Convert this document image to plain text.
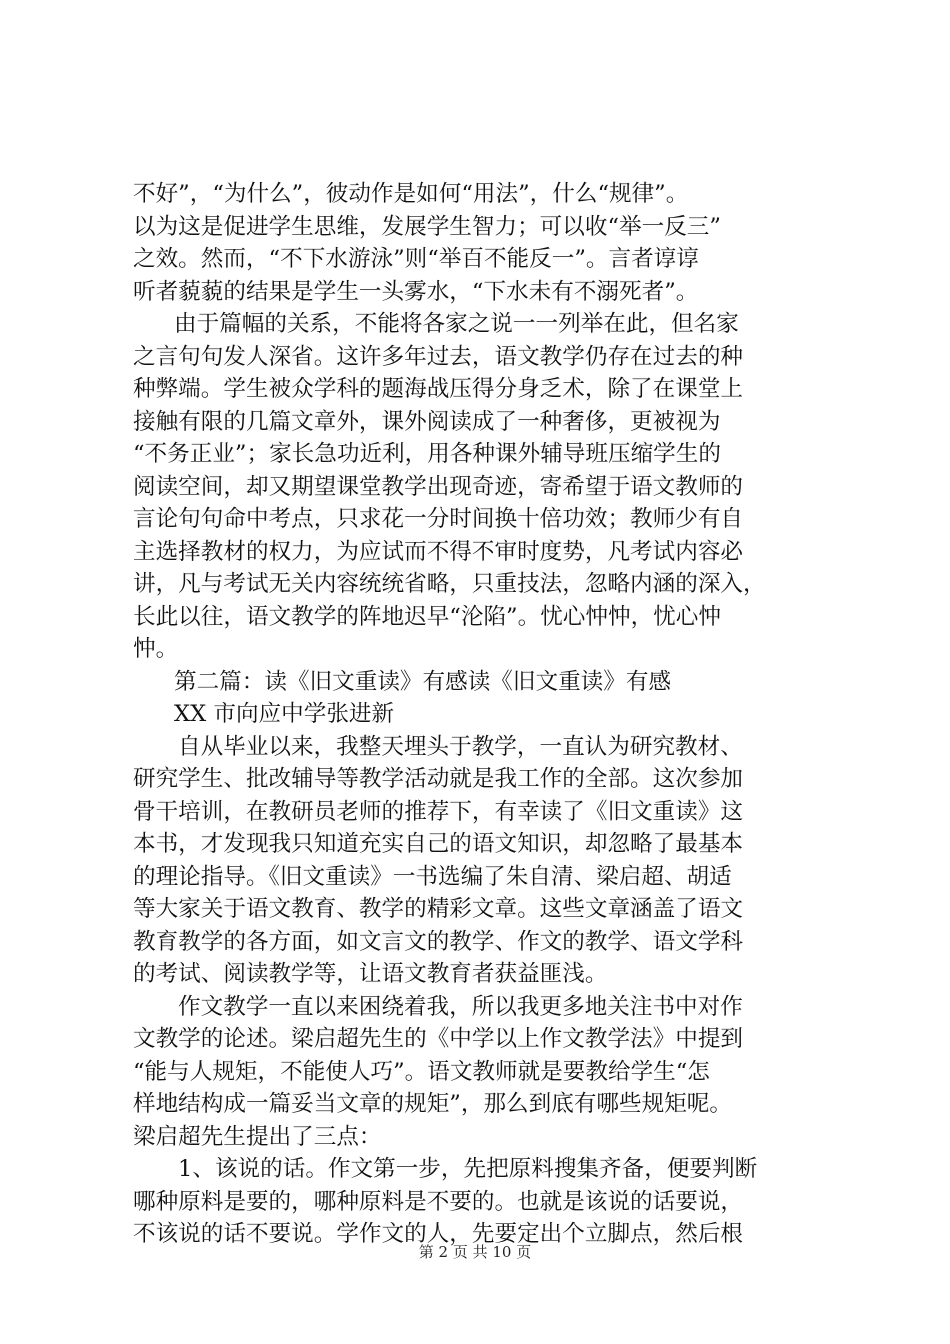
不好”，“为什么”，彼动作是如何“用法”，什么“规律”。
以为这是促进学生思维，发展学生智力；可以收“举一反三”
之效。然而，“不下水游泳”则“举百不能反一”。言者谆谆
听者藐藐的结果是学生一头雾水，“下水未有不溺死者”。
由于篇幅的关系，不能将各家之说一一列举在此，但名家
之言句句发人深省。这许多年过去，语文教学仍存在过去的种
种弊端。学生被众学科的题海战压得分身乏术，除了在课堂上
接触有限的几篇文章外，课外阅读成了一种奢侈，更被视为
“不务正业”；家长急功近利，用各种课外辅导班压缩学生的
阅读空间，却又期望课堂教学出现奇迹，寄希望于语文教师的
言论句句命中考点，只求花一分时间换十倍功效；教师少有自
主选择教材的权力，为应试而不得不审时度势，凡考试内容必
讲，凡与考试无关内容统统省略，只重技法，忽略内涵的深入，
长此以往，语文教学的阵地迟早“沦陷”。忧心忡忡，忧心忡
忡。
第二篇：读《旧文重读》有感读《旧文重读》有感
XX 市向应中学张进新
自从毕业以来，我整天埋头于教学，一直认为研究教材、
研究学生、批改辅导等教学活动就是我工作的全部。这次参加
骨干培训，在教研员老师的推荐下，有幸读了《旧文重读》这
本书，才发现我只知道充实自己的语文知识，却忽略了最基本
的理论指导。《旧文重读》一书选编了朱自清、梁启超、胡适
等大家关于语文教育、教学的精彩文章。这些文章涵盖了语文
教育教学的各方面，如文言文的教学、作文的教学、语文学科
的考试、阅读教学等，让语文教育者获益匪浅。
作文教学一直以来困绕着我，所以我更多地关注书中对作
文教学的论述。梁启超先生的《中学以上作文教学法》中提到
“能与人规矩，不能使人巧”。语文教师就是要教给学生“怎
样地结构成一篇妥当文章的规矩”，那么到底有哪些规矩呢。
梁启超先生提出了三点：
1、该说的话。作文第一步，先把原料搜集齐备，便要判断
哪种原料是要的，哪种原料是不要的。也就是该说的话要说，
不该说的话不要说。学作文的人，先要定出个立脚点，然后根
第 2 页 共 10 页
